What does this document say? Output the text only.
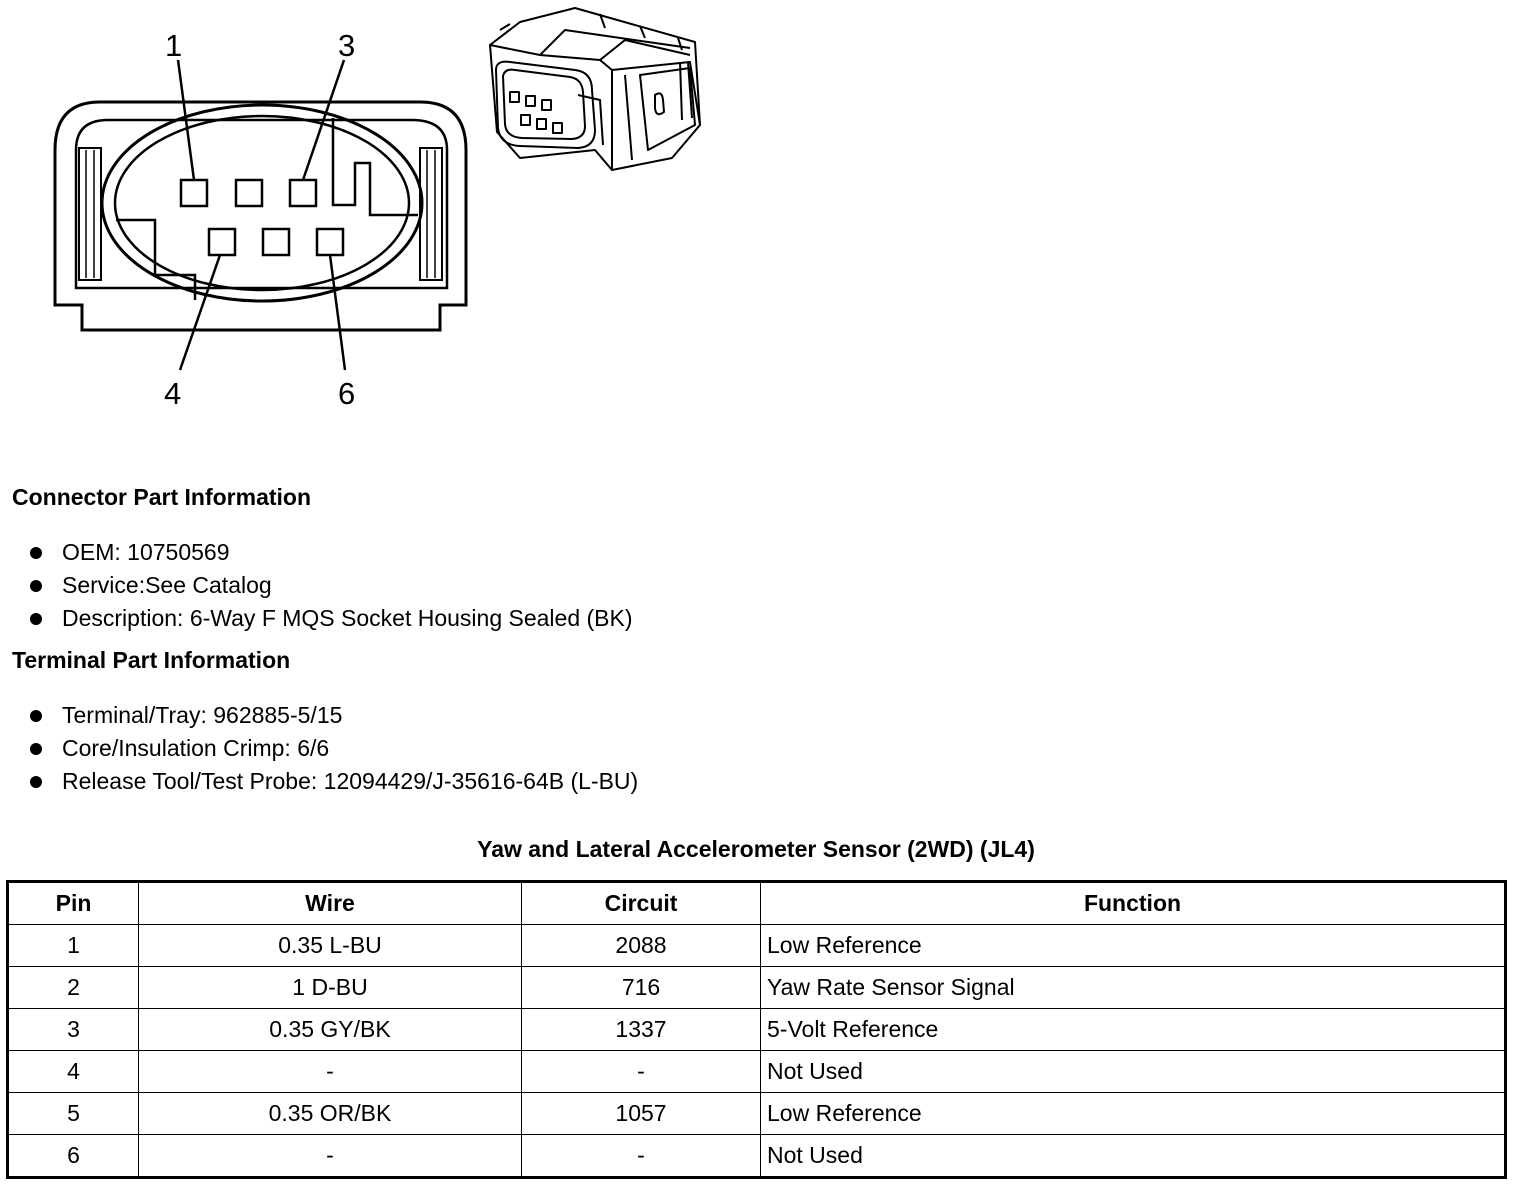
1	3
4	6
Connector Part Information
OEM: 10750569
Service:See Catalog
Description: 6-Way F MQS Socket Housing Sealed (BK)
Terminal Part Information
Terminal/Tray: 962885-5/15
Core/Insulation Crimp: 6/6
Release Tool/Test Probe: 12094429/J-35616-64B (L-BU)
Yaw and Lateral Accelerometer Sensor (2WD) (JL4)
Pin	Wire	Circuit	Function
1	0.35 L-BU	2088	Low Reference
2	1 D-BU	716	Yaw Rate Sensor Signal
3	0.35 GY/BK	1337	5-Volt Reference
4	-	-	Not Used
5	0.35 OR/BK	1057	Low Reference
6	-	-	Not Used
